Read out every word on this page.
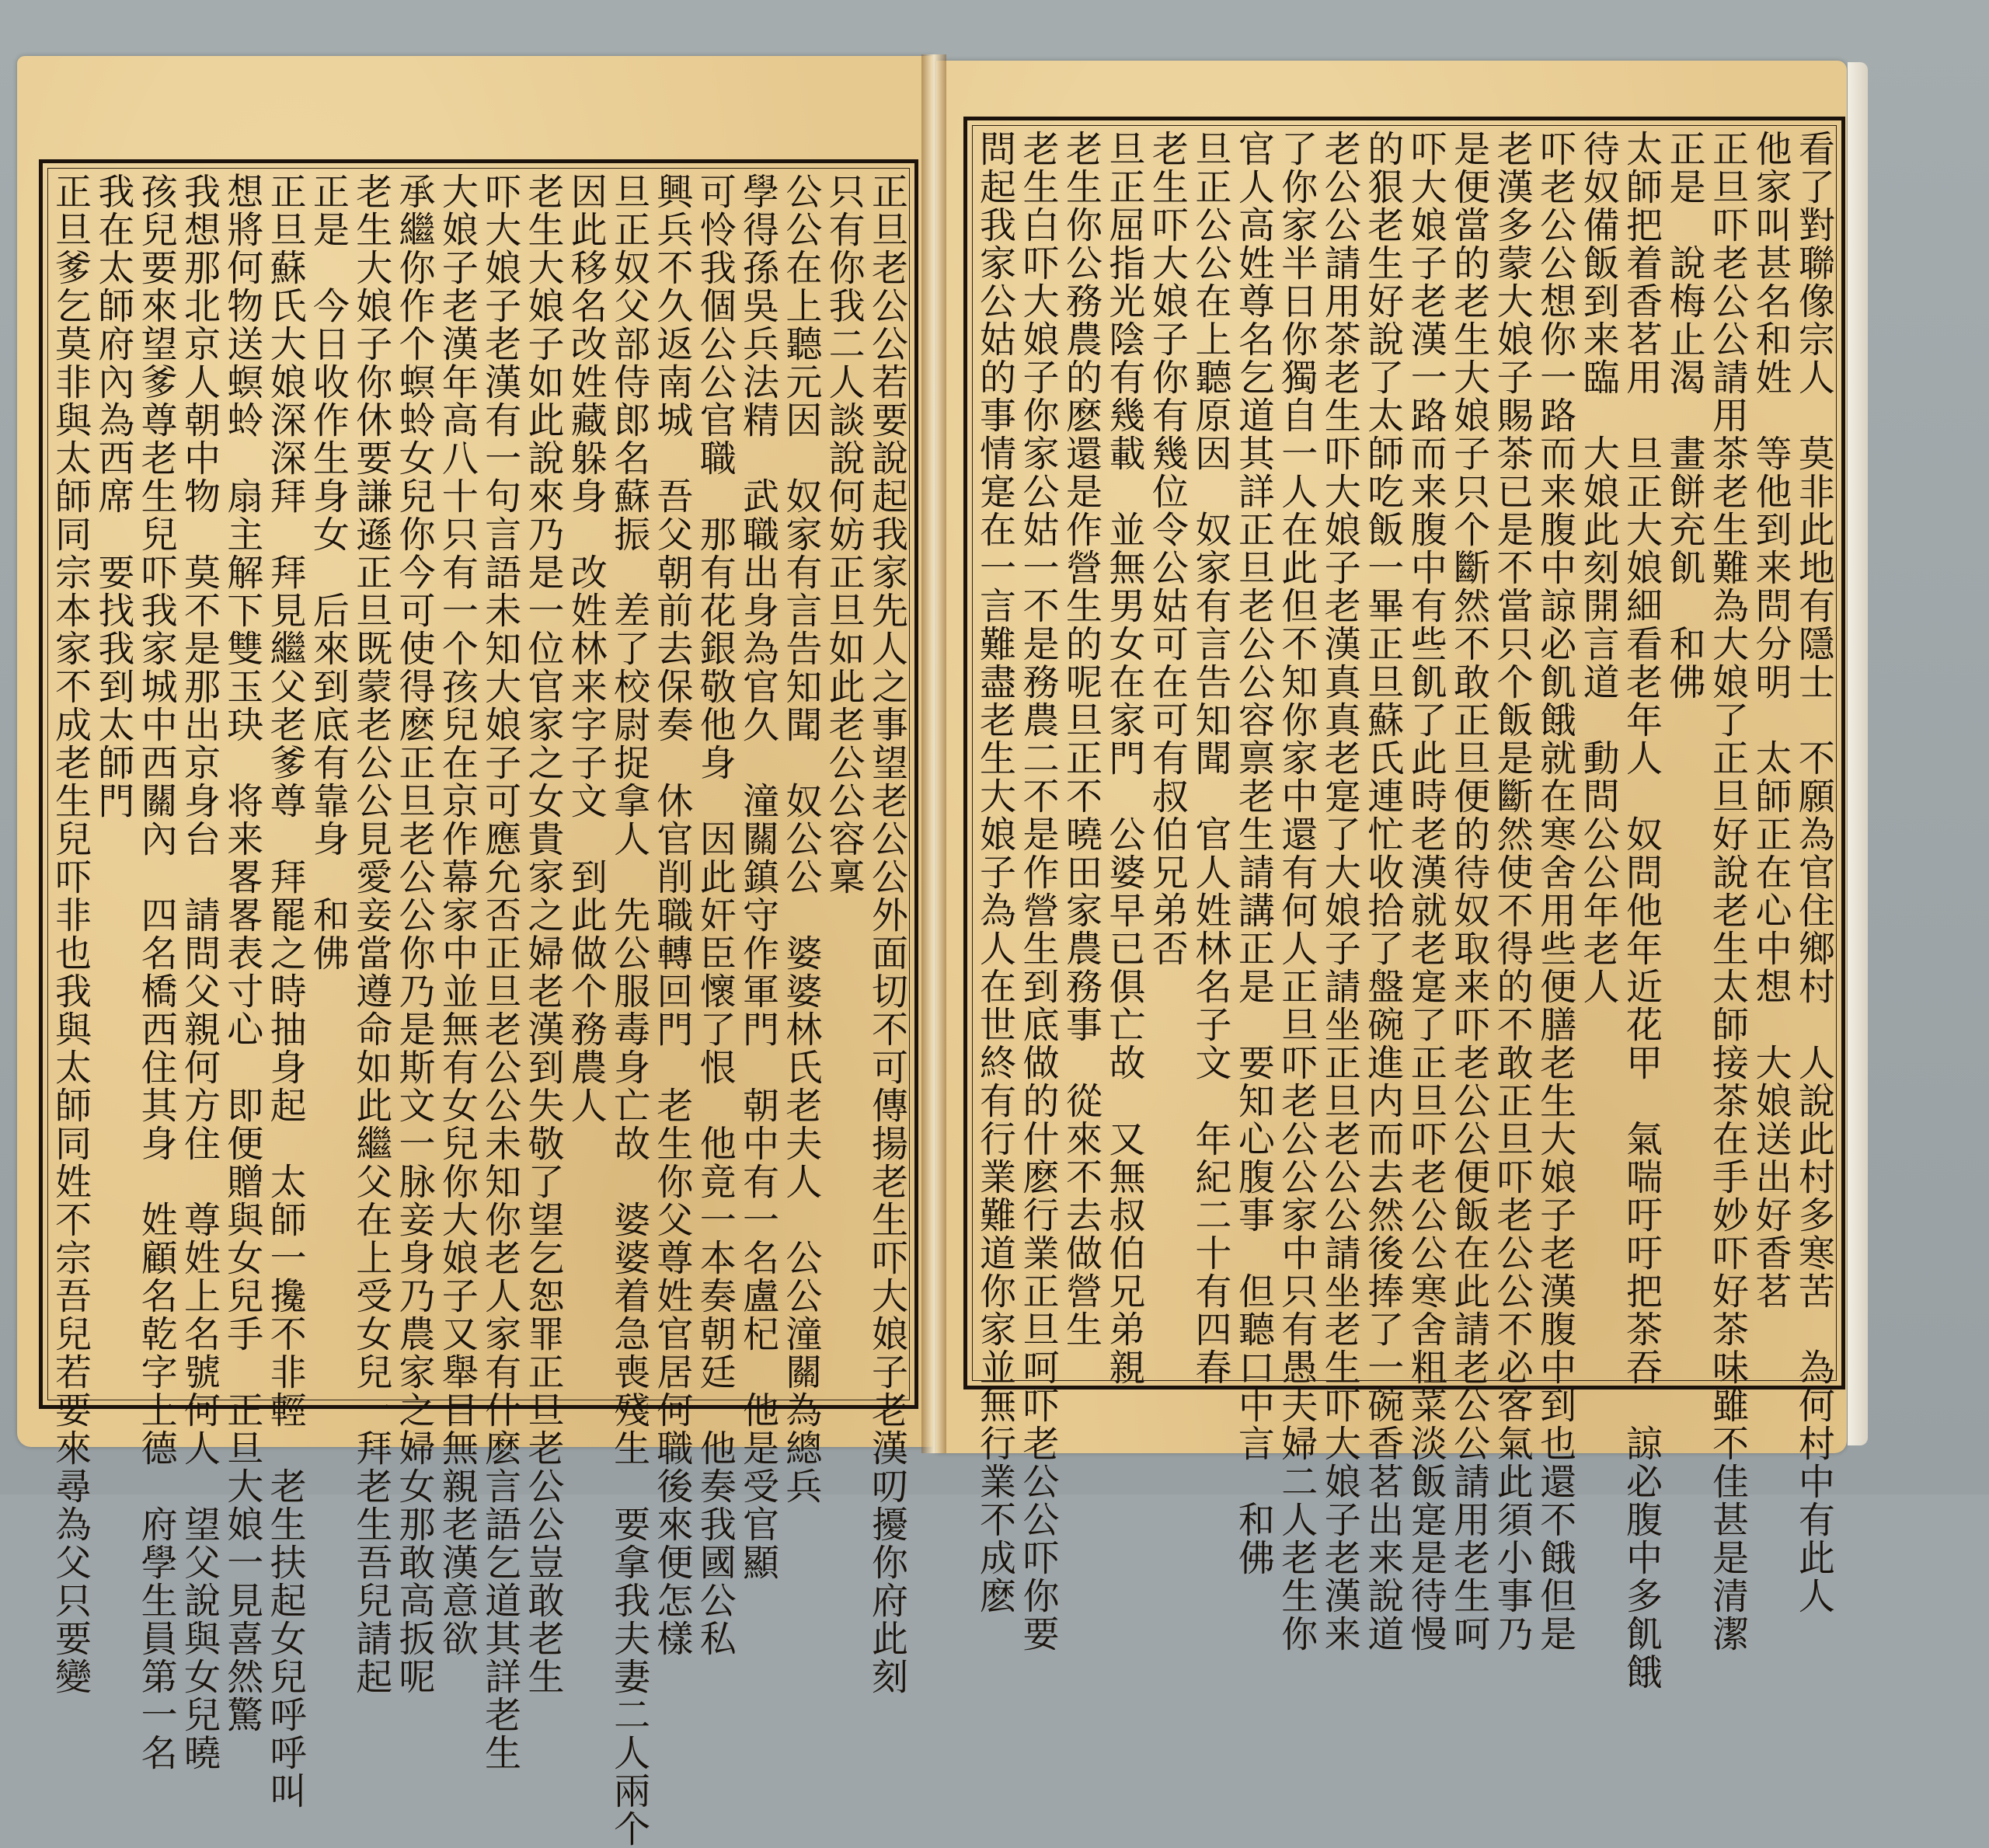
正旦老公公若要說起我家先人之事望老公公外面切不可傳揚老生吓大娘子老漢叨擾你府此刻
只有你我二人談說何妨正旦如此老公公容稟
公公在上聽元因　奴家有言告知聞　奴公公　婆婆林氏老夫人　公公潼關為總兵
學得孫吳兵法精　武職出身為官久　潼關鎮守作軍門　朝中有一名盧杞　他是受官顯
可怜我個公公官職　那有花銀敬他身　因此奸臣懷了恨　他竟一本奏朝廷　他奏我國公私
興兵不久返南城　吾父朝前去保奏　休官削職轉回門　老生你父尊姓官居何職後來便怎樣
旦正奴父部侍郎名蘇振　差了校尉捉拿人　先公服毒身亡故　婆婆着急喪殘生　要拿我夫妻二人兩个
因此移名改姓藏躲身　改姓林来字子文　到此做个務農人
老生大娘子如此說來乃是一位官家之女貴家之婦老漢到失敬了望乞恕罪正旦老公公豈敢老生
吓大娘子老漢有一句言語未知大娘子可應允否正旦老公公未知你老人家有什麽言語乞道其詳老生
大娘子老漢年高八十只有一个孩兒在京作幕家中並無有女兒你大娘子又舉目無親老漢意欲
承繼你作个螟蛉女兒你今可使得麽正旦老公公你乃是斯文一脉妾身乃農家之婦女那敢高扳呢
老生大娘子你休要謙遜正旦既蒙老公公見愛妾當遵命如此繼父在上受女兒一拜老生吾兒請起
正是　今日收作生身女　后來到底有靠身　和佛
正旦蘇氏大娘深深拜　拜見繼父老爹尊　拜罷之時抽身起　太師一攙不非輕　老生扶起女兒呼呼叫
想將何物送螟蛉　扇主解下雙玉玦　将来畧畧表寸心　即便贈與女兒手　正旦大娘一見喜然驚
我想那北京人朝中物　莫不是那出京身台　請問父親何方住　尊姓上名號何人　望父說與女兒曉
孩兒要來望爹尊老生兒吓我家城中西關內　四名橋西住其身　姓顧名乾字上德　府學生員第一名
我在太師府內為西席　要找我到太師門
正旦爹乞莫非與太師同宗本家不成老生兒吓非也我與太師同姓不宗吾兒若要來尋為父只要變	看了對聯像宗人　莫非此地有隱士　不願為官住鄉村　人說此村多寒苦　為何村中有此人
他家叫甚名和姓　等他到来問分明　太師正在心中想　大娘送出好香茗
正旦吓老公公請用茶老生難為大娘了正旦好說老生太師接茶在手妙吓好茶味雖不佳甚是清潔
正是　說梅止渴　畫餅充飢　和佛
太師把着香茗用　旦正大娘細看老年人　奴問他年近花甲　氣喘吁吁把茶吞　諒必腹中多飢餓
待奴備飯到来臨　大娘此刻開言道　動問公公年老人
吓老公公想你一路而来腹中諒必飢餓就在寒舍用些便膳老生大娘子老漢腹中到也還不餓但是
老漢多蒙大娘子賜茶已是不當只个飯是斷然使不得的不敢正旦吓老公公不必客氣此須小事乃
是便當的老生大娘子只个斷然不敢正旦便的待奴取来吓老公公便飯在此請老公公請用老生呵
吓大娘子老漢一路而来腹中有些飢了此時老漢就老寔了正旦吓老公公寒舍粗菜淡飯寔是待慢
的狠老生好說了太師吃飯一畢正旦蘇氏連忙收拾了盤碗進内而去然後捧了一碗香茗出来說道
老公公請用茶老生吓大娘子老漢真真老寔了大娘子請坐正旦老公公請坐老生吓大娘子老漢来
了你家半日你獨自一人在此但不知你家中還有何人正旦吓老公公家中只有愚夫婦二人老生你
官人高姓尊名乞道其詳正旦老公公容禀老生請講正是　要知心腹事　但聽口中言　和佛
旦正公公在上聽原因　奴家有言告知聞　官人姓林名子文　年紀二十有四春
老生吓大娘子你有幾位令公姑可在可有叔伯兄弟否
旦正屈指光陰有幾載　並無男女在家門　公婆早已俱亡故　又無叔伯兄弟親
老生你公務農的麽還是作營生的呢旦正不曉田家農務事　從來不去做營生
老生白吓大娘子你家公姑一不是務農二不是作營生到底做的什麽行業正旦呵吓老公公吓你要
問起我家公姑的事情寔在一言難盡老生大娘子為人在世終有行業難道你家並無行業不成麽
